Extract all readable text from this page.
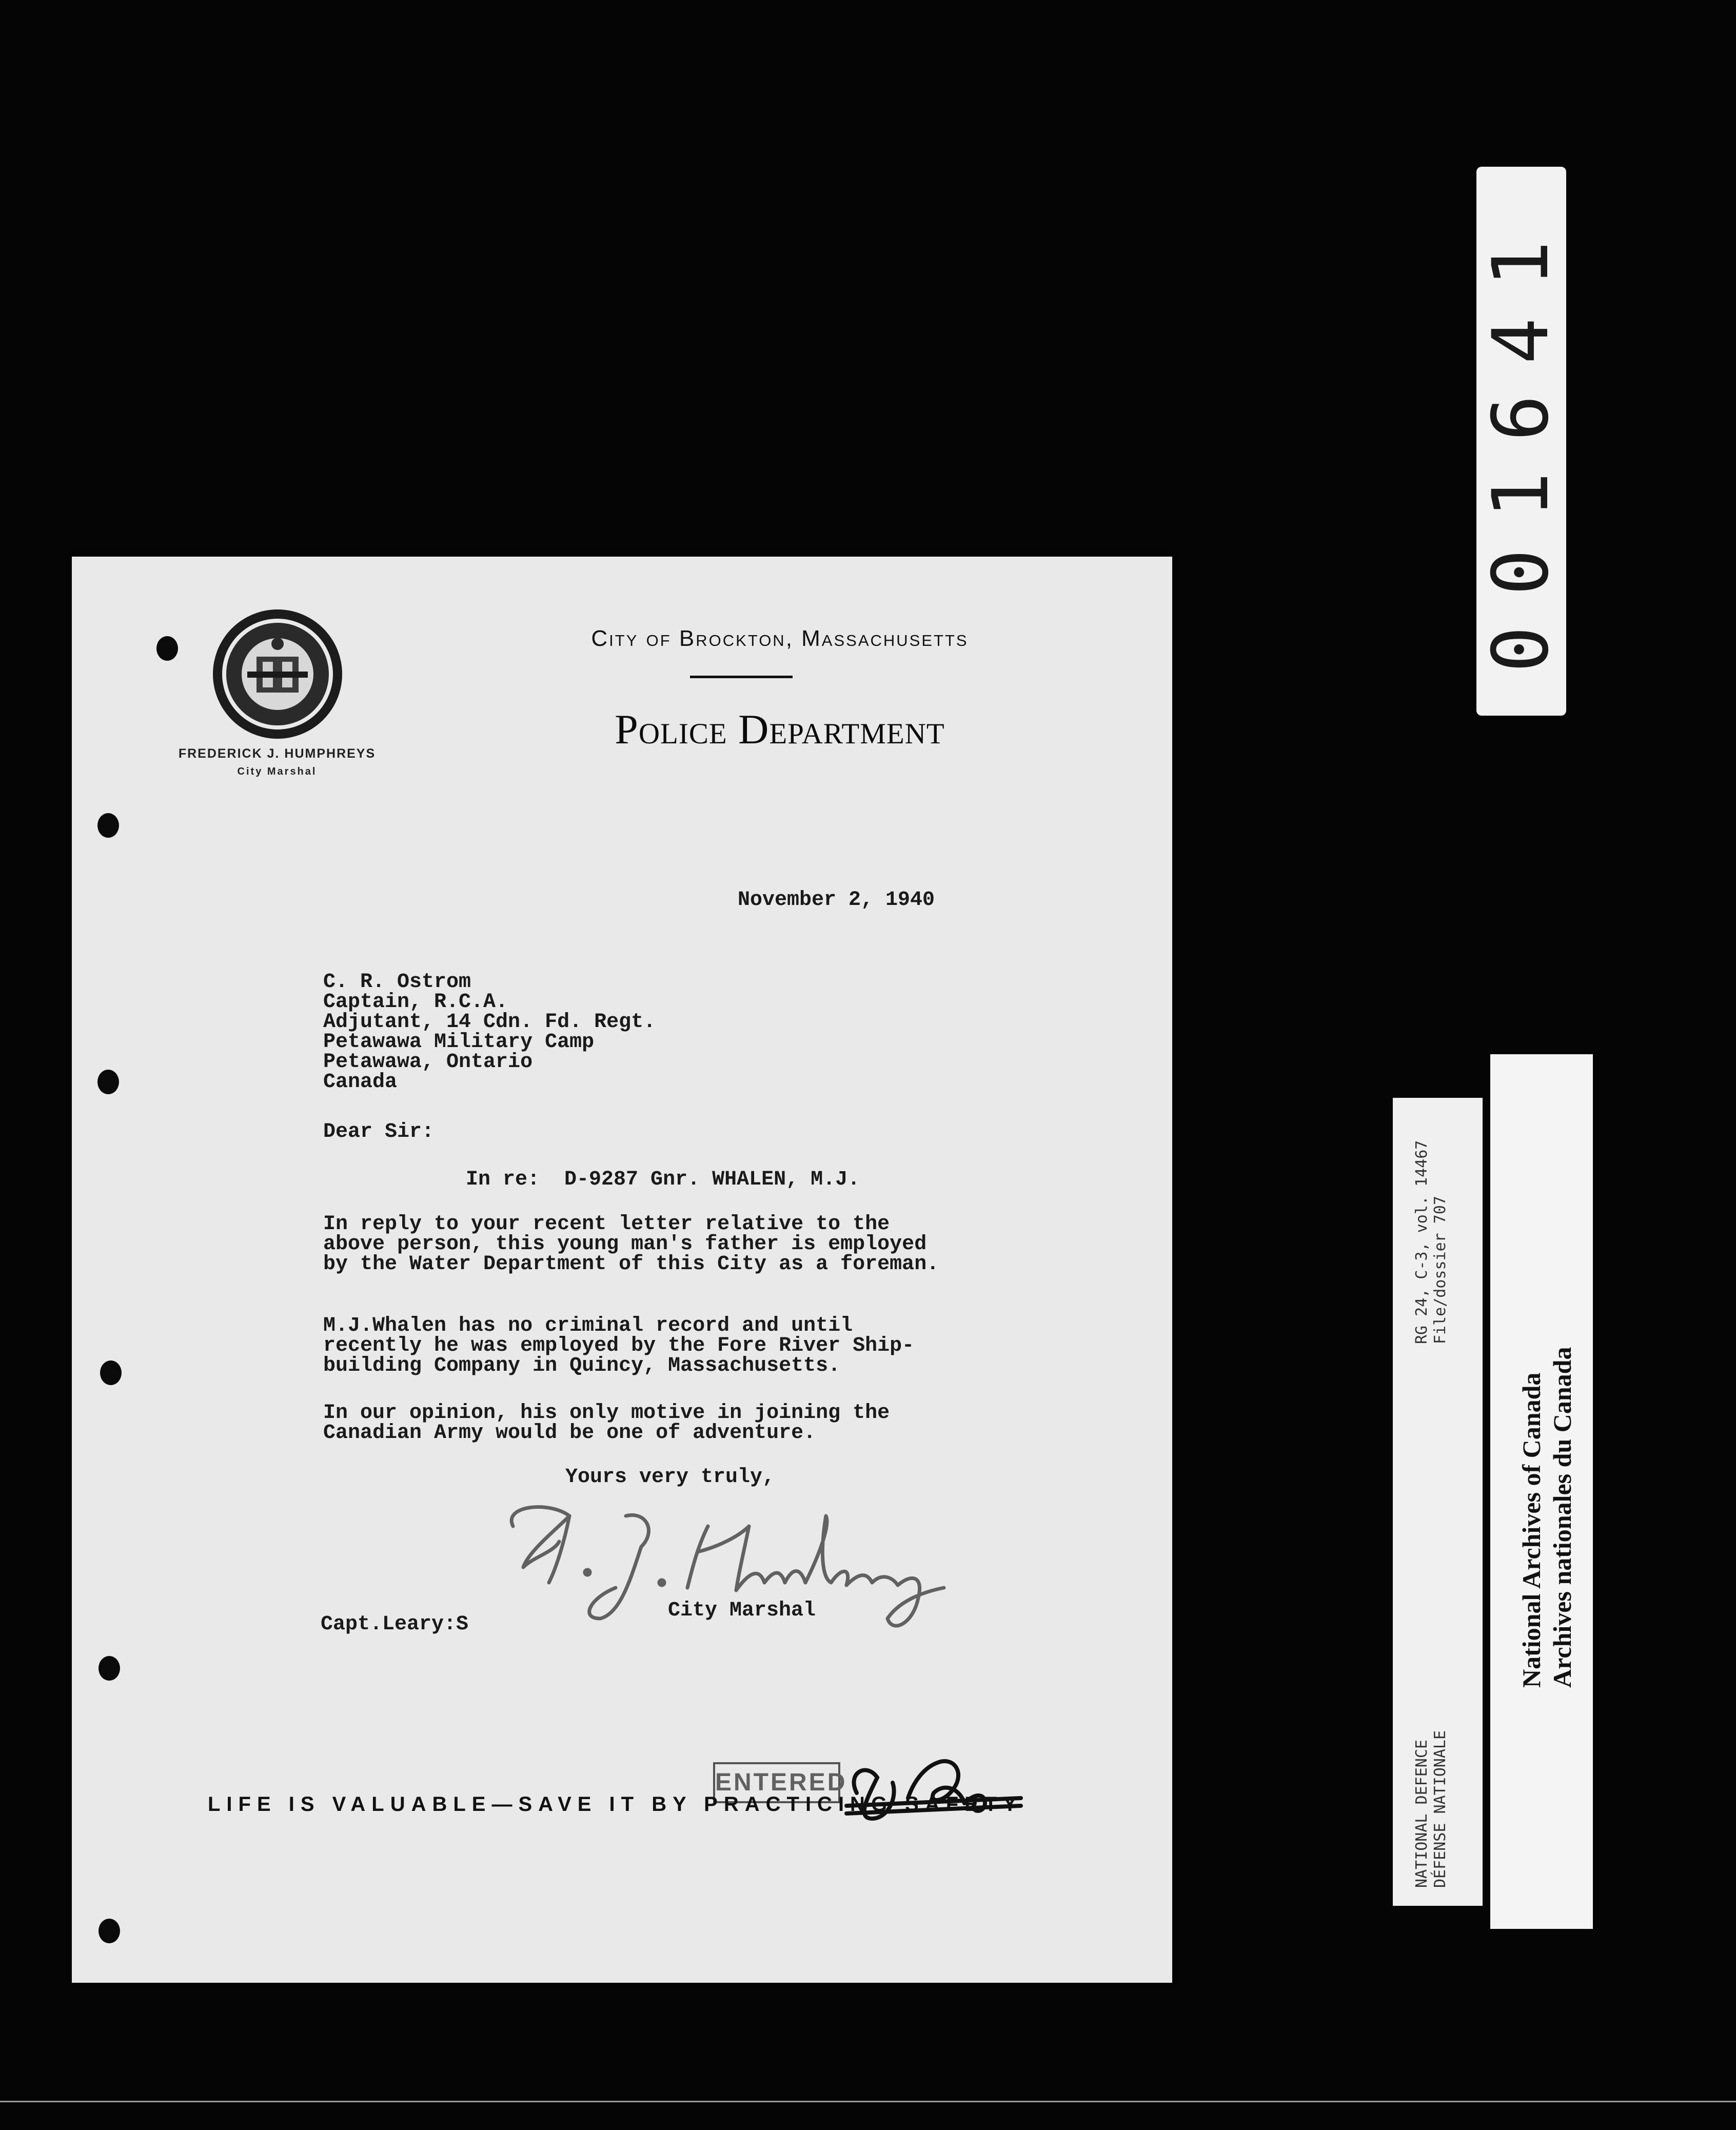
FREDERICK J. HUMPHREYS
City Marshal
City of Brockton, Massachusetts
Police Department
November 2, 1940
C. R. Ostrom
Captain, R.C.A.
Adjutant, 14 Cdn. Fd. Regt.
Petawawa Military Camp
Petawawa, Ontario
Canada
Dear Sir:
In re:  D-9287 Gnr. WHALEN, M.J.
In reply to your recent letter relative to the
above person, this young man's father is employed
by the Water Department of this City as a foreman.
M.J.Whalen has no criminal record and until
recently he was employed by the Fore River Ship-
building Company in Quincy, Massachusetts.
In our opinion, his only motive in joining the
Canadian Army would be one of adventure.
Yours very truly,
City Marshal
Capt.Leary:S
ENTERED
LIFE IS VALUABLE—SAVE IT BY PRACTICING SAFETY
001641
RG 24, C-3, vol. 14467 File/dossier 707
NATIONAL DEFENCE DÉFENSE NATIONALE
National Archives of Canada Archives nationales du Canada
